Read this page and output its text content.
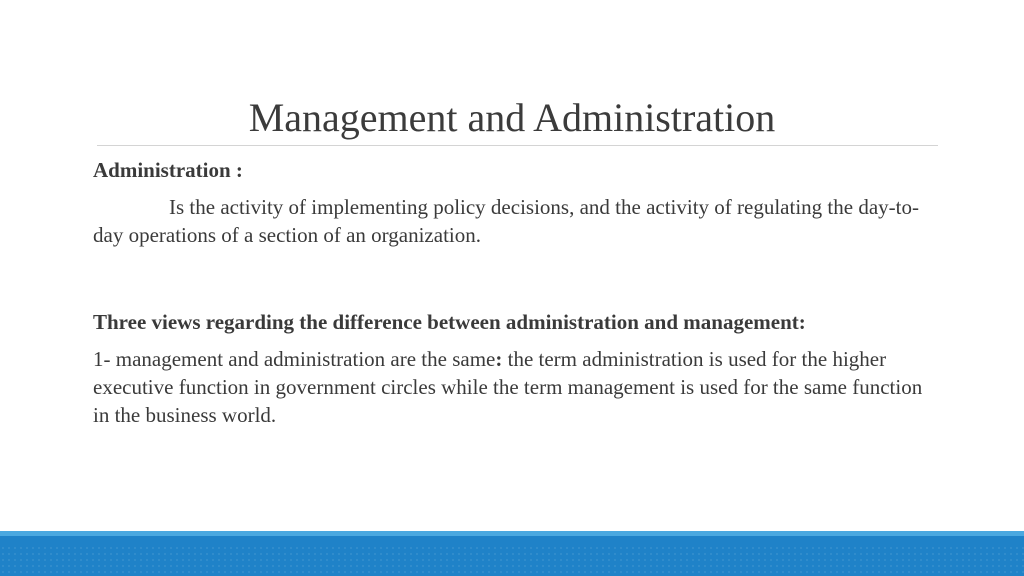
Management and Administration

Administration :

Is the activity of implementing policy decisions, and the activity of regulating the day-to-day operations of a section of an organization.

Three views regarding the difference between administration and management:

1- management and administration are the same: the term administration is used for the higher executive function in government circles while the term management is used for the same function in the business world.
